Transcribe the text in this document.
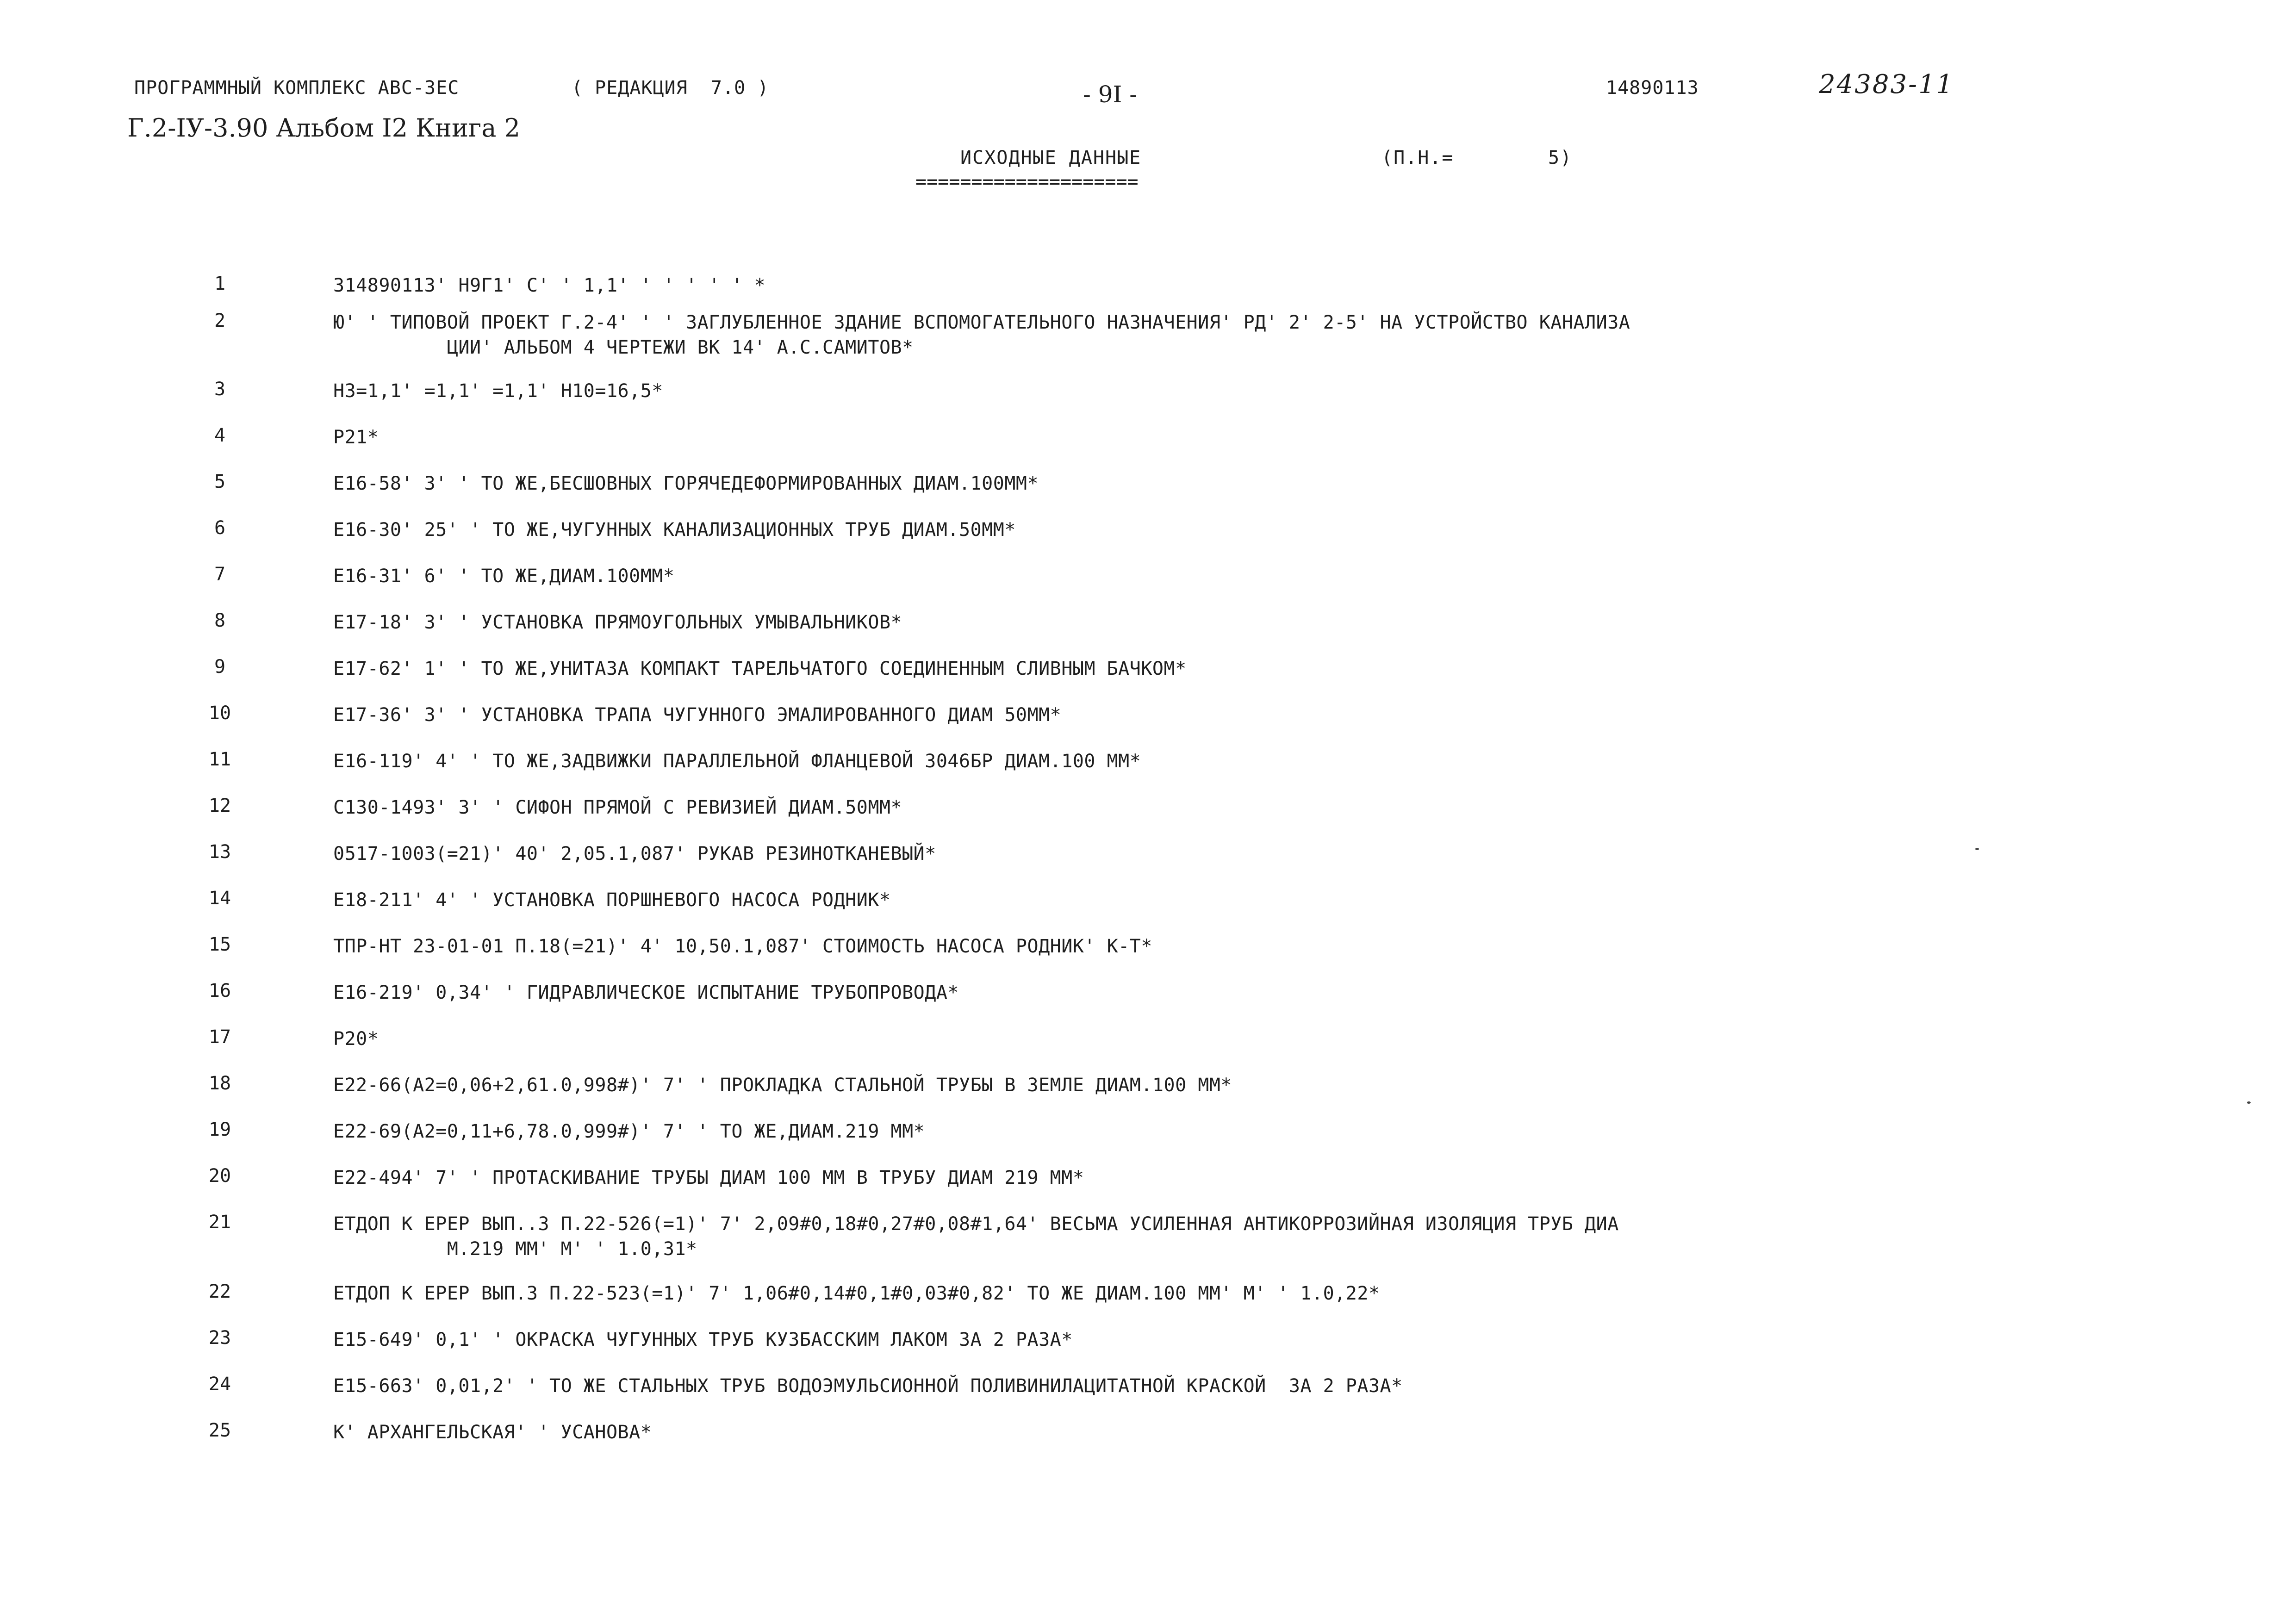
ПРОГРАММНЫЙ КОМПЛЕКС АВС-3ЕС	( РЕДАКЦИЯ  7.0 )	- 9I -	14890113	24383-11
Г.2-IУ-3.90 Альбом I2 Книга 2
ИСХОДНЫЕ ДАННЫЕ
====================
(П.Н.=	5)
1	314890113' Н9Г1' С' ' 1,1' ' ' ' ' ' *
2	Ю' ' ТИПОВОЙ ПРОЕКТ Г.2-4' ' ' ЗАГЛУБЛЕННОЕ ЗДАНИЕ ВСПОМОГАТЕЛЬНОГО НАЗНАЧЕНИЯ' РД' 2' 2-5' НА УСТРОЙСТВО КАНАЛИЗА
ЦИИ' АЛЬБОМ 4 ЧЕРТЕЖИ ВК 14' А.С.САМИТОВ*
3	Н3=1,1' =1,1' =1,1' Н10=16,5*
4	Р21*
5	Е16-58' 3' ' ТО ЖЕ,БЕСШОВНЫХ ГОРЯЧЕДЕФОРМИРОВАННЫХ ДИАМ.100ММ*
6	Е16-30' 25' ' ТО ЖЕ,ЧУГУННЫХ КАНАЛИЗАЦИОННЫХ ТРУБ ДИАМ.50ММ*
7	Е16-31' 6' ' ТО ЖЕ,ДИАМ.100ММ*
8	Е17-18' 3' ' УСТАНОВКА ПРЯМОУГОЛЬНЫХ УМЫВАЛЬНИКОВ*
9	Е17-62' 1' ' ТО ЖЕ,УНИТАЗА КОМПАКТ ТАРЕЛЬЧАТОГО СОЕДИНЕННЫМ СЛИВНЫМ БАЧКОМ*
10	Е17-36' 3' ' УСТАНОВКА ТРАПА ЧУГУННОГО ЭМАЛИРОВАННОГО ДИАМ 50ММ*
11	Е16-119' 4' ' ТО ЖЕ,ЗАДВИЖКИ ПАРАЛЛЕЛЬНОЙ ФЛАНЦЕВОЙ 3046БР ДИАМ.100 ММ*
12	С130-1493' 3' ' СИФОН ПРЯМОЙ С РЕВИЗИЕЙ ДИАМ.50ММ*
13	0517-1003(=21)' 40' 2,05.1,087' РУКАВ РЕЗИНОТКАНЕВЫЙ*
14	Е18-211' 4' ' УСТАНОВКА ПОРШНЕВОГО НАСОСА РОДНИК*
15	ТПР-НТ 23-01-01 П.18(=21)' 4' 10,50.1,087' СТОИМОСТЬ НАСОСА РОДНИК' К-Т*
16	Е16-219' 0,34' ' ГИДРАВЛИЧЕСКОЕ ИСПЫТАНИЕ ТРУБОПРОВОДА*
17	Р20*
18	Е22-66(А2=0,06+2,61.0,998#)' 7' ' ПРОКЛАДКА СТАЛЬНОЙ ТРУБЫ В ЗЕМЛЕ ДИАМ.100 ММ*
19	Е22-69(А2=0,11+6,78.0,999#)' 7' ' ТО ЖЕ,ДИАМ.219 ММ*
20	Е22-494' 7' ' ПРОТАСКИВАНИЕ ТРУБЫ ДИАМ 100 ММ В ТРУБУ ДИАМ 219 ММ*
21	ЕТДОП К ЕРЕР ВЫП..3 П.22-526(=1)' 7' 2,09#0,18#0,27#0,08#1,64' ВЕСЬМА УСИЛЕННАЯ АНТИКОРРОЗИЙНАЯ ИЗОЛЯЦИЯ ТРУБ ДИА
М.219 ММ' М' ' 1.0,31*
22	ЕТДОП К ЕРЕР ВЫП.3 П.22-523(=1)' 7' 1,06#0,14#0,1#0,03#0,82' ТО ЖЕ ДИАМ.100 ММ' М' ' 1.0,22*
23	Е15-649' 0,1' ' ОКРАСКА ЧУГУННЫХ ТРУБ КУЗБАССКИМ ЛАКОМ ЗА 2 РАЗА*
24	Е15-663' 0,01,2' ' ТО ЖЕ СТАЛЬНЫХ ТРУБ ВОДОЭМУЛЬСИОННОЙ ПОЛИВИНИЛАЦИТАТНОЙ КРАСКОЙ  ЗА 2 РАЗА*
25	К' АРХАНГЕЛЬСКАЯ' ' УСАНОВА*
